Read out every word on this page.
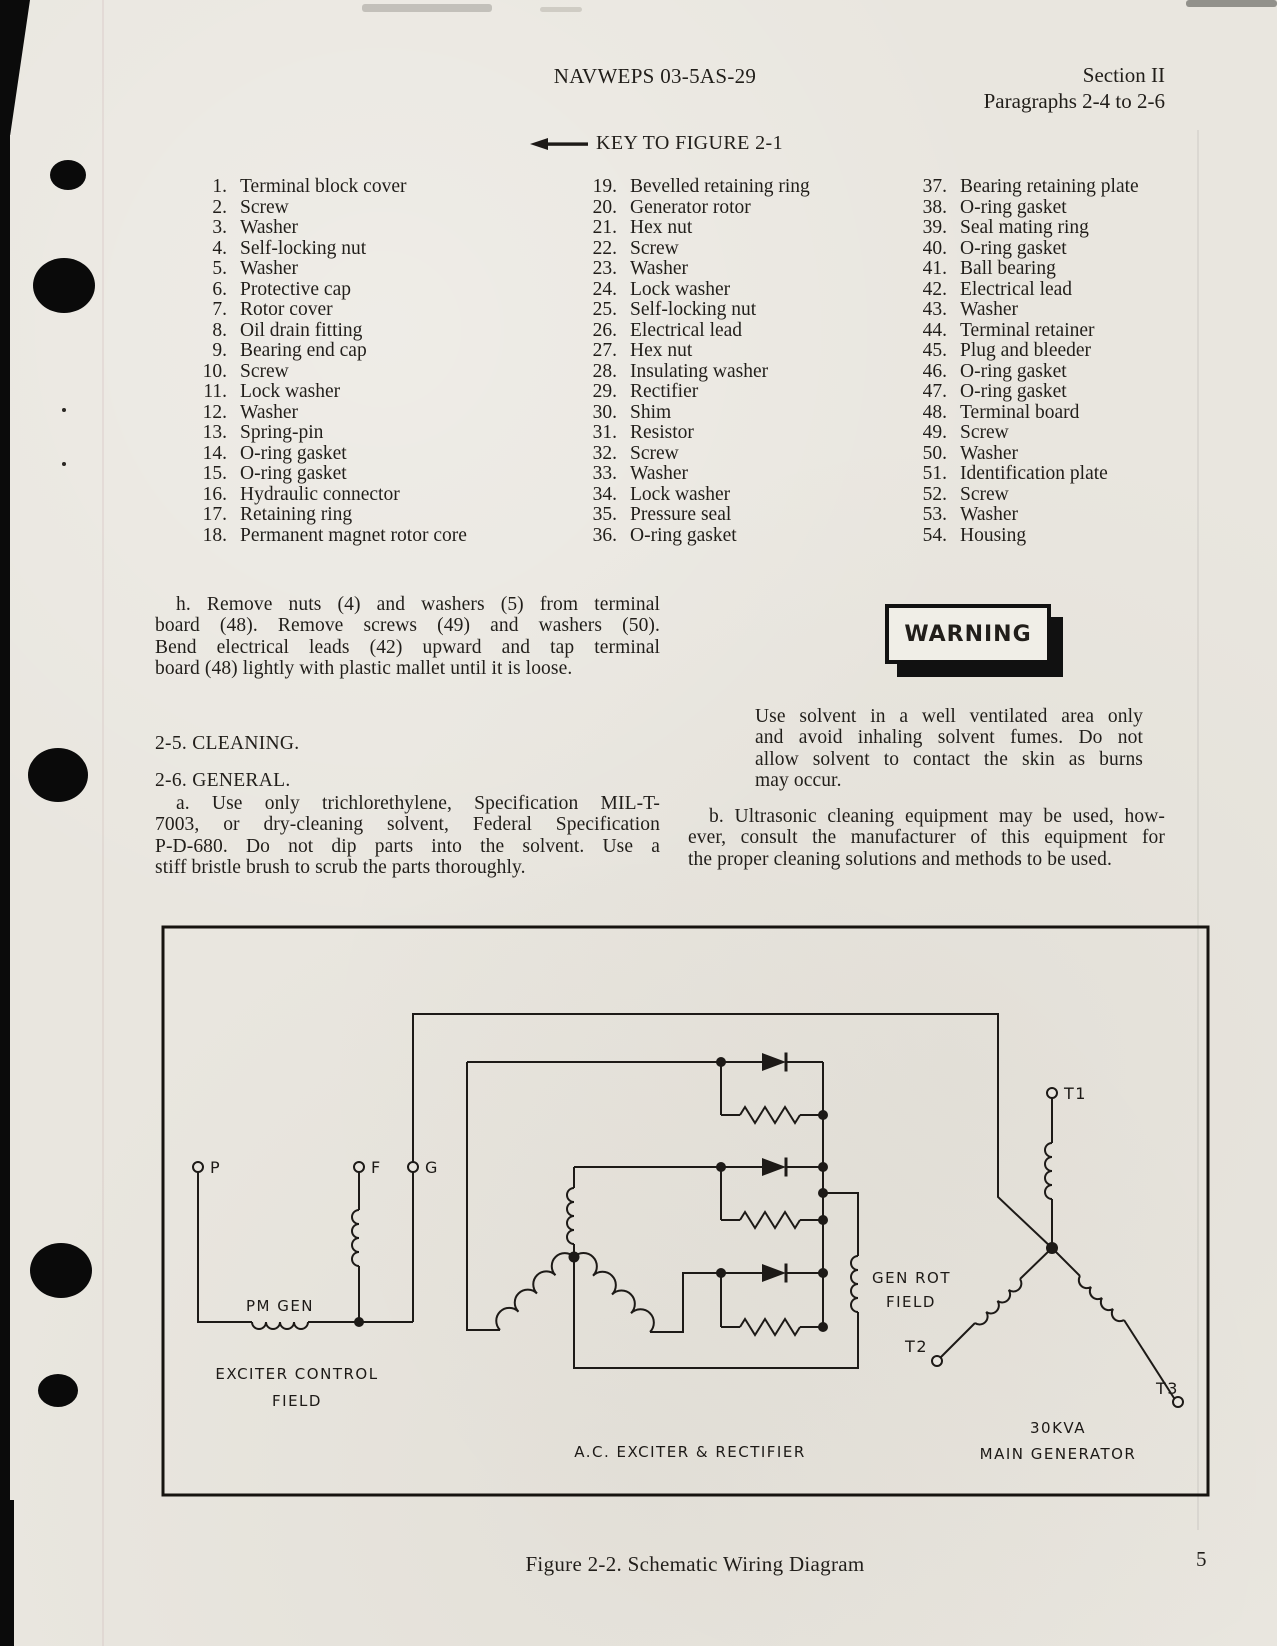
NAVWEPS 03-5AS-29	Section II
Paragraphs 2-4 to 2-6
KEY TO FIGURE 2-1
1. Terminal block cover
2. Screw
3. Washer
4. Self-locking nut
5. Washer
6. Protective cap
7. Rotor cover
8. Oil drain fitting
9. Bearing end cap
10. Screw
11. Lock washer
12. Washer
13. Spring-pin
14. O-ring gasket
15. O-ring gasket
16. Hydraulic connector
17. Retaining ring
18. Permanent magnet rotor core
19. Bevelled retaining ring
20. Generator rotor
21. Hex nut
22. Screw
23. Washer
24. Lock washer
25. Self-locking nut
26. Electrical lead
27. Hex nut
28. Insulating washer
29. Rectifier
30. Shim
31. Resistor
32. Screw
33. Washer
34. Lock washer
35. Pressure seal
36. O-ring gasket
37. Bearing retaining plate
38. O-ring gasket
39. Seal mating ring
40. O-ring gasket
41. Ball bearing
42. Electrical lead
43. Washer
44. Terminal retainer
45. Plug and bleeder
46. O-ring gasket
47. O-ring gasket
48. Terminal board
49. Screw
50. Washer
51. Identification plate
52. Screw
53. Washer
54. Housing
h. Remove nuts (4) and washers (5) from terminal
board (48). Remove screws (49) and washers (50).
Bend electrical leads (42) upward and tap terminal
board (48) lightly with plastic mallet until it is loose.
2-5. CLEANING.
2-6. GENERAL.
a. Use only trichlorethylene, Specification MIL-T-
7003, or dry-cleaning solvent, Federal Specification
P-D-680. Do not dip parts into the solvent. Use a
stiff bristle brush to scrub the parts thoroughly.
WARNING
Use solvent in a well ventilated area only
and avoid inhaling solvent fumes. Do not
allow solvent to contact the skin as burns
may occur.
b. Ultrasonic cleaning equipment may be used, how-
ever, consult the manufacturer of this equipment for
the proper cleaning solutions and methods to be used.
P	F	G
T1
T2
T3
PM GEN
EXCITER CONTROL
FIELD
GEN ROT
FIELD
A.C. EXCITER & RECTIFIER
30KVA
MAIN GENERATOR
Figure 2-2. Schematic Wiring Diagram	5
